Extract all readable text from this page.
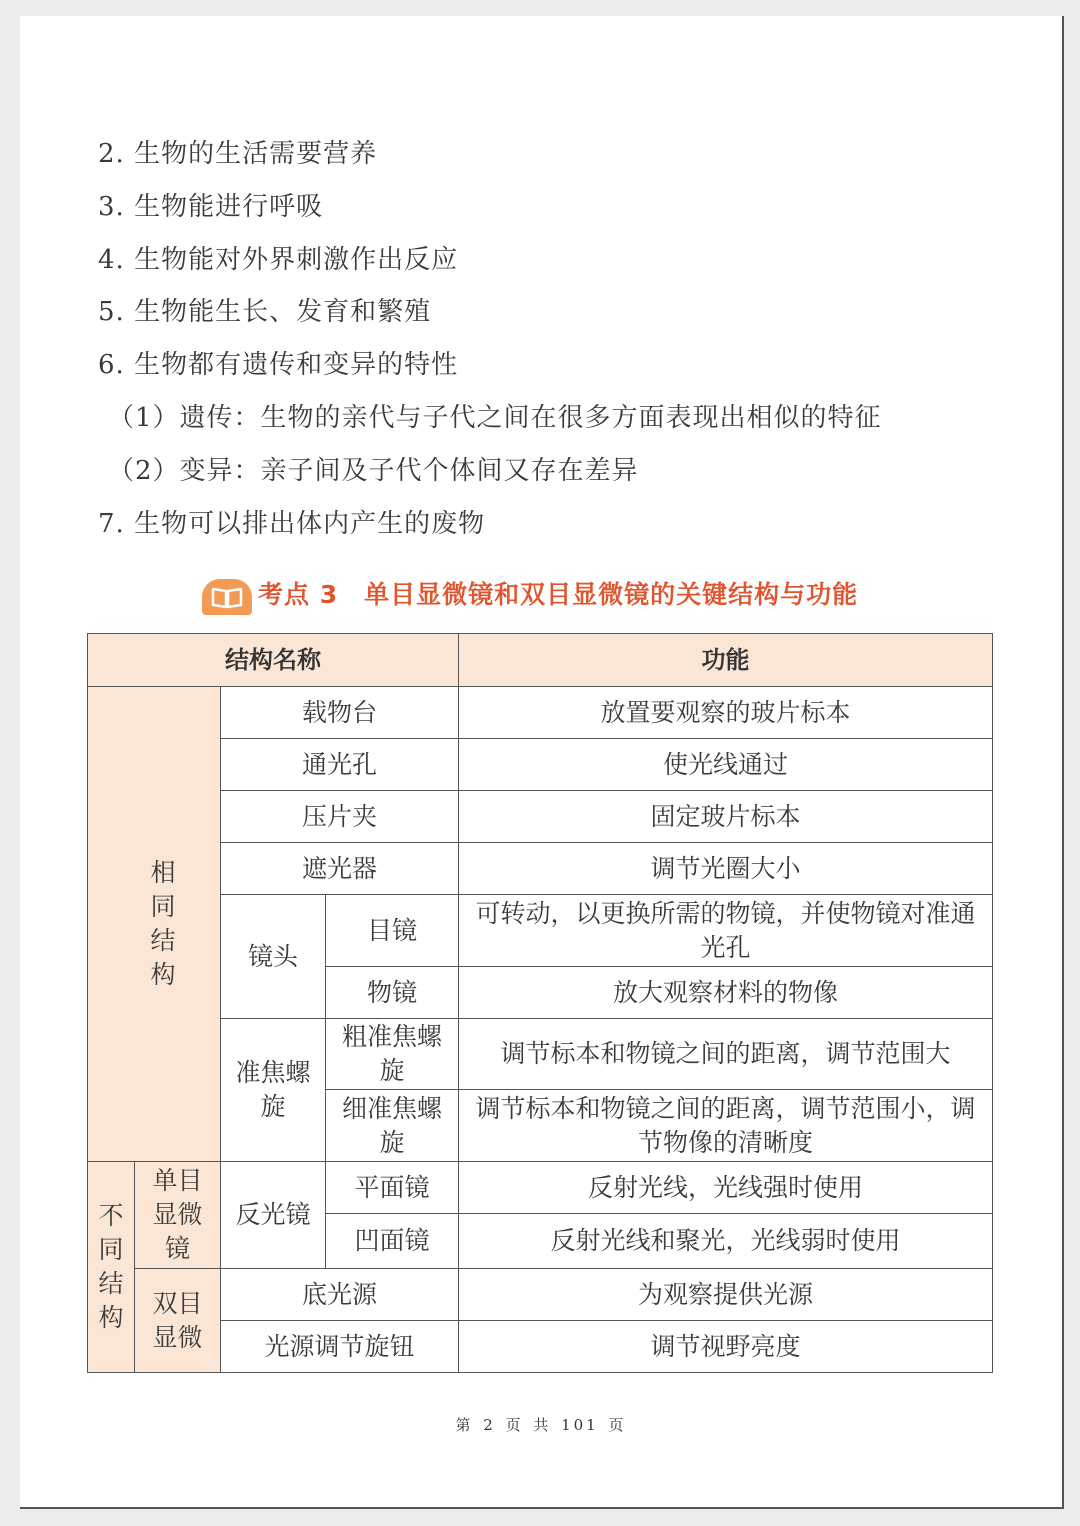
2. 生物的生活需要营养
3. 生物能进行呼吸
4. 生物能对外界刺激作出反应
5. 生物能生长、发育和繁殖
6. 生物都有遗传和变异的特性
（1）遗传：生物的亲代与子代之间在很多方面表现出相似的特征
（2）变异：亲子间及子代个体间又存在差异
7. 生物可以排出体内产生的废物
考点 3　单目显微镜和双目显微镜的关键结构与功能
结构名称				功能

相同结构		载物台		放置要观察的玻片标本
		通光孔		使光线通过
		压片夹		固定玻片标本
		遮光器		调节光圈大小
		镜头	目镜	可转动，以更换所需的物镜，并使物镜对准通光孔
			物镜	放大观察材料的物像

		准焦螺旋	粗准焦螺旋	调节标本和物镜之间的距离，调节范围大

			细准焦螺旋	调节标本和物镜之间的距离，调节范围小，调节物像的清晰度

不同结构	单目显微镜	反光镜	平面镜	反射光线，光线强时使用
			凹面镜	反射光线和聚光，光线弱时使用

	双目显微	底光源		为观察提供光源
		光源调节旋钮		调节视野亮度
第 2 页 共 101 页
